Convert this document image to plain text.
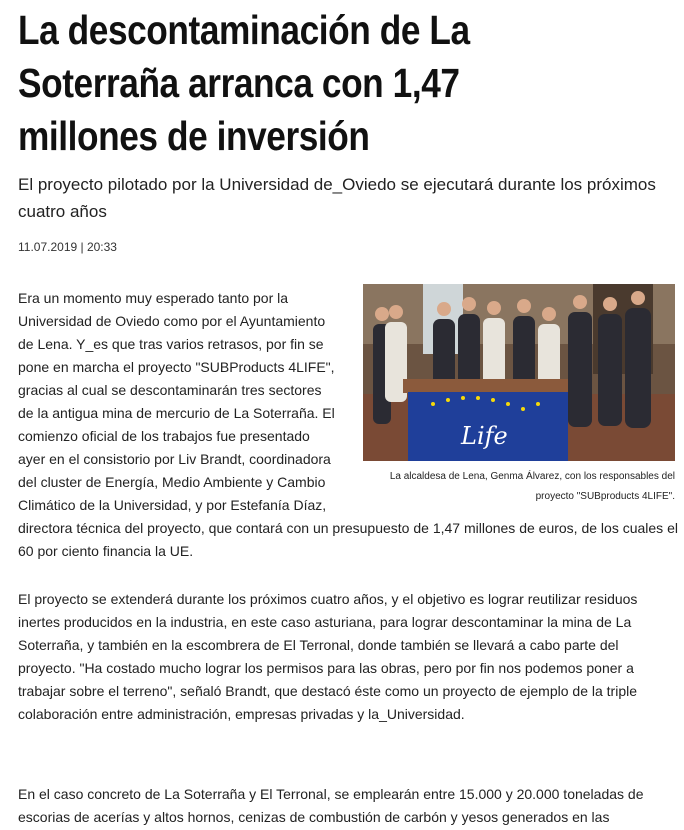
La descontaminación de La Soterraña arranca con 1,47 millones de inversión

El proyecto pilotado por la Universidad de_Oviedo se ejecutará durante los próximos cuatro años

11.07.2019 | 20:33
Life
La alcaldesa de Lena, Genma Álvarez, con los responsables del
proyecto "SUBproducts 4LIFE".
Era un momento muy esperado tanto por la
Universidad de Oviedo como por el Ayuntamiento
de Lena. Y_es que tras varios retrasos, por fin se
pone en marcha el proyecto "SUBProducts 4LIFE",
gracias al cual se descontaminarán tres sectores
de la antigua mina de mercurio de La Soterraña. El
comienzo oficial de los trabajos fue presentado
ayer en el consistorio por Liv Brandt, coordinadora
del cluster de Energía, Medio Ambiente y Cambio
Climático de la Universidad, y por Estefanía Díaz,
directora técnica del proyecto, que contará con un presupuesto de 1,47 millones de euros, de los cuales el 60 por ciento financia la UE.
El proyecto se extenderá durante los próximos cuatro años, y el objetivo es lograr reutilizar residuos inertes producidos en la industria, en este caso asturiana, para lograr descontaminar la mina de La Soterraña, y también en la escombrera de El Terronal, donde también se llevará a cabo parte del proyecto. "Ha costado mucho lograr los permisos para las obras, pero por fin nos podemos poner a trabajar sobre el terreno", señaló Brandt, que destacó éste como un proyecto de ejemplo de la triple colaboración entre administración, empresas privadas y la_Universidad.
En el caso concreto de La Soterraña y El Terronal, se emplearán entre 15.000 y 20.000 toneladas de escorias de acerías y altos hornos, cenizas de combustión de carbón y yesos generados en las
